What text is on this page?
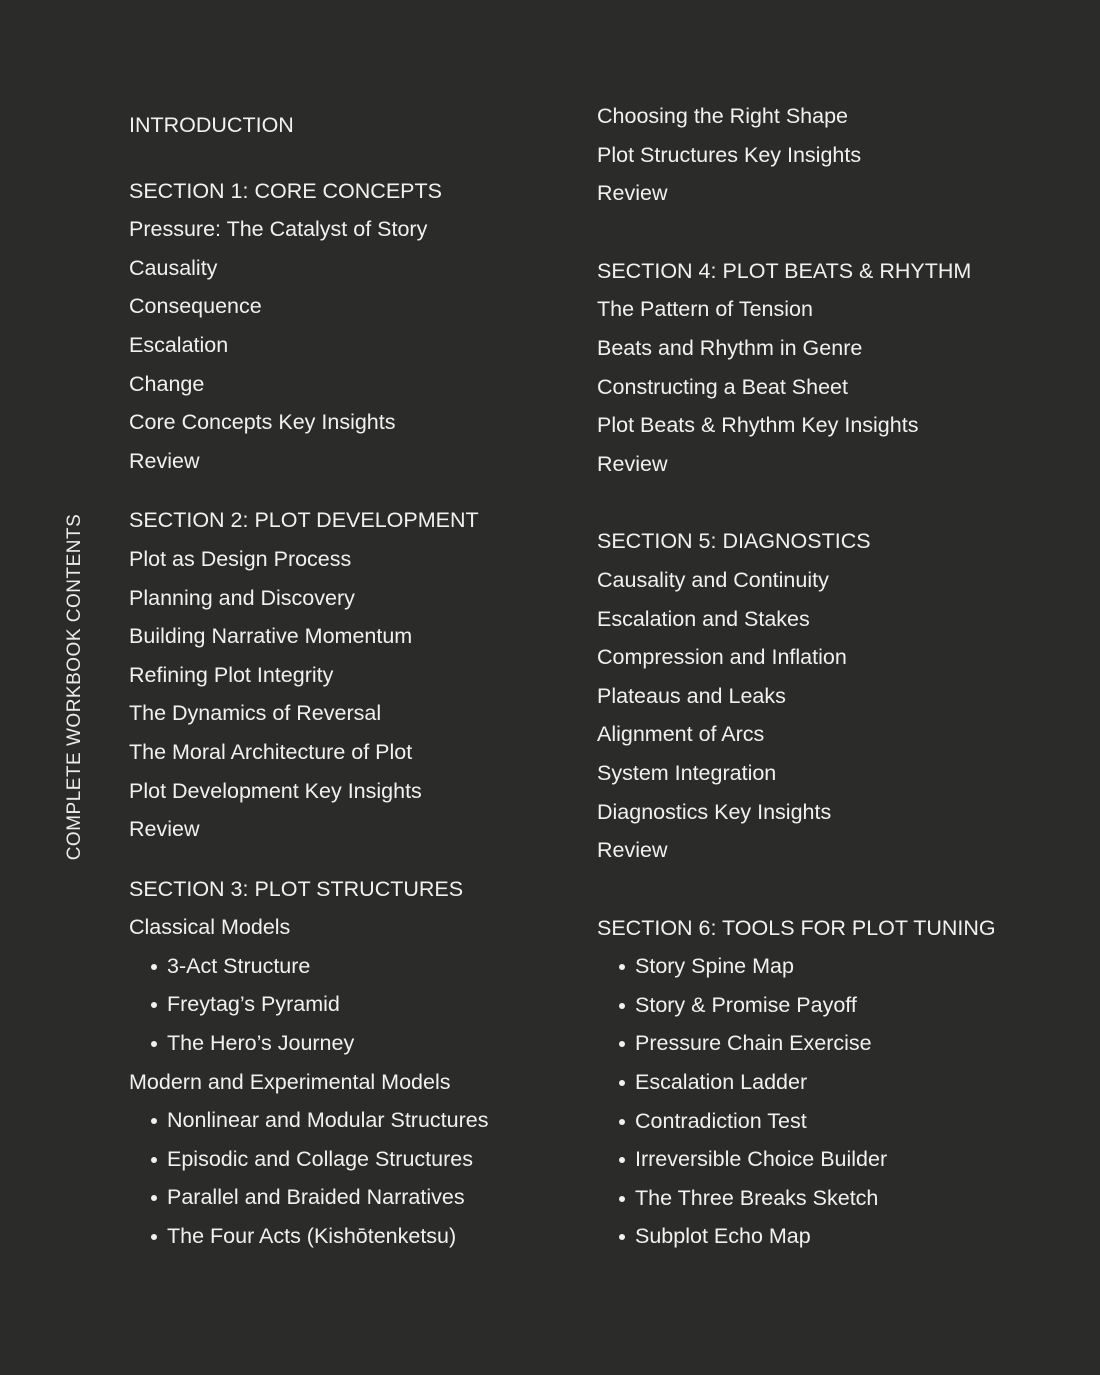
COMPLETE WORKBOOK CONTENTS
INTRODUCTION
SECTION 1: CORE CONCEPTS
Pressure: The Catalyst of Story
Causality
Consequence
Escalation
Change
Core Concepts Key Insights
Review
SECTION 2: PLOT DEVELOPMENT
Plot as Design Process
Planning and Discovery
Building Narrative Momentum
Refining Plot Integrity
The Dynamics of Reversal
The Moral Architecture of Plot
Plot Development Key Insights
Review
SECTION 3: PLOT STRUCTURES
Classical Models
3-Act Structure
Freytag’s Pyramid
The Hero’s Journey
Modern and Experimental Models
Nonlinear and Modular Structures
Episodic and Collage Structures
Parallel and Braided Narratives
The Four Acts (Kishōtenketsu)
Choosing the Right Shape
Plot Structures Key Insights
Review
SECTION 4: PLOT BEATS & RHYTHM
The Pattern of Tension
Beats and Rhythm in Genre
Constructing a Beat Sheet
Plot Beats & Rhythm Key Insights
Review
SECTION 5: DIAGNOSTICS
Causality and Continuity
Escalation and Stakes
Compression and Inflation
Plateaus and Leaks
Alignment of Arcs
System Integration
Diagnostics Key Insights
Review
SECTION 6: TOOLS FOR PLOT TUNING
Story Spine Map
Story & Promise Payoff
Pressure Chain Exercise
Escalation Ladder
Contradiction Test
Irreversible Choice Builder
The Three Breaks Sketch
Subplot Echo Map
